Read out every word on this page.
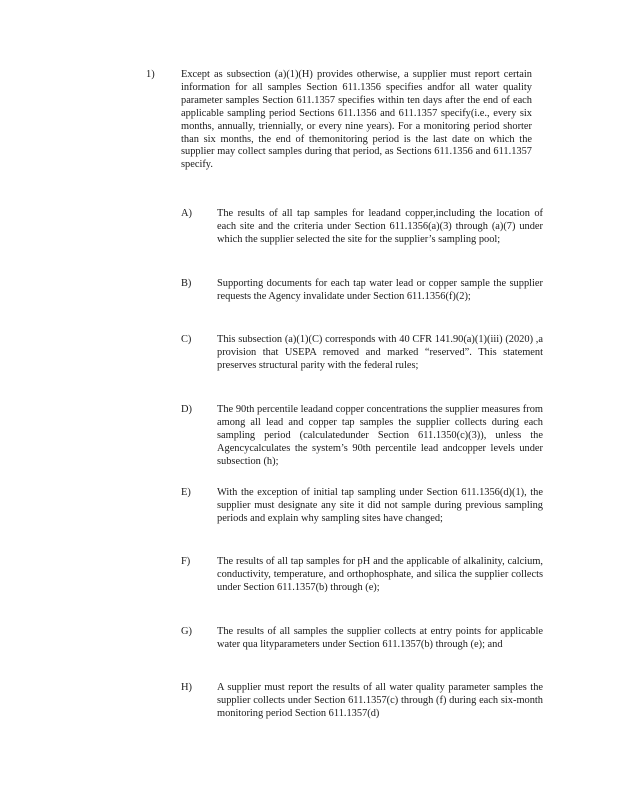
1)	Except as subsection (a)(1)(H) provides otherwise, a supplier must report certain information for all samples Section 611.1356 specifies andfor all water quality parameter samples Section 611.1357 specifies within ten days after the end of each applicable sampling period Sections 611.1356 and 611.1357 specify(i.e., every six months, annually, triennially, or every nine years). For a monitoring period shorter than six months, the end of themonitoring period is the last date on which the supplier may collect samples during that period, as Sections 611.1356 and 611.1357 specify.
A) The results of all tap samples for leadand copper,including the location of each site and the criteria under Section 611.1356(a)(3) through (a)(7) under which the supplier selected the site for the supplier’s sampling pool;
B) Supporting documents for each tap water lead or copper sample the supplier requests the Agency invalidate under Section 611.1356(f)(2);
C) This subsection (a)(1)(C) corresponds with 40 CFR 141.90(a)(1)(iii) (2020) ,a provision that USEPA removed and marked “reserved”. This statement preserves structural parity with the federal rules;
D) The 90th percentile leadand copper concentrations the supplier measures from among all lead and copper tap samples the supplier collects during each sampling period (calculatedunder Section 611.1350(c)(3)), unless the Agencycalculates the system’s 90th percentile lead andcopper levels under subsection (h);
E)	With the exception of initial tap sampling under Section 611.1356(d)(1), the supplier must designate any site it did not sample during previous sampling periods and explain why sampling sites have changed;
F)	The results of all tap samples for pH and the applicable of alkalinity, calcium, conductivity, temperature, and orthophosphate, and silica the supplier collects under Section 611.1357(b) through (e);
G) The results of all samples the supplier collects at entry points for applicable water qua lityparameters under Section 611.1357(b) through (e); and
H) A supplier must report the results of all water quality parameter samples the supplier collects under Section 611.1357(c) through (f) during each six-month monitoring period Section 611.1357(d)
